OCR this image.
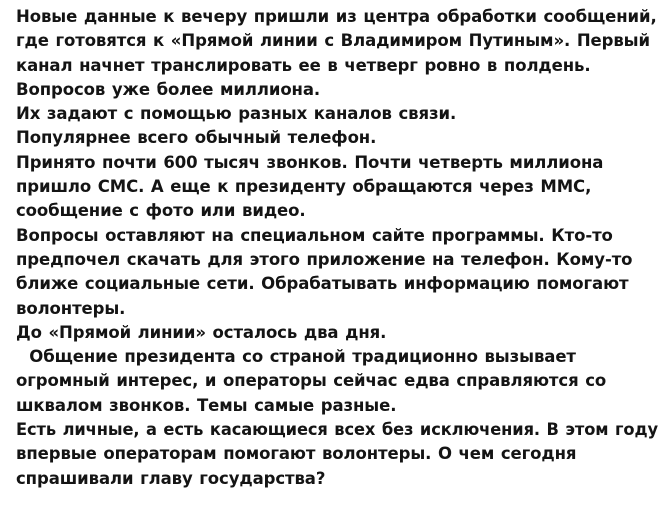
Новые данные к вечеру пришли из центра обработки сообщений,
где готовятся к «Прямой линии с Владимиром Путиным». Первый
канал начнет транслировать ее в четверг ровно в полдень.
Вопросов уже более миллиона.
Их задают с помощью разных каналов связи.
Популярнее всего обычный телефон.
Принято почти 600 тысяч звонков. Почти четверть миллиона
пришло СМС. А еще к президенту обращаются через ММС,
сообщение с фото или видео.
Вопросы оставляют на специальном сайте программы. Кто-то
предпочел скачать для этого приложение на телефон. Кому-то
ближе социальные сети. Обрабатывать информацию помогают
волонтеры.
До «Прямой линии» осталось два дня.
Общение президента со страной традиционно вызывает
огромный интерес, и операторы сейчас едва справляются со
шквалом звонков. Темы самые разные.
Есть личные, а есть касающиеся всех без исключения. В этом году
впервые операторам помогают волонтеры. О чем сегодня
спрашивали главу государства?
